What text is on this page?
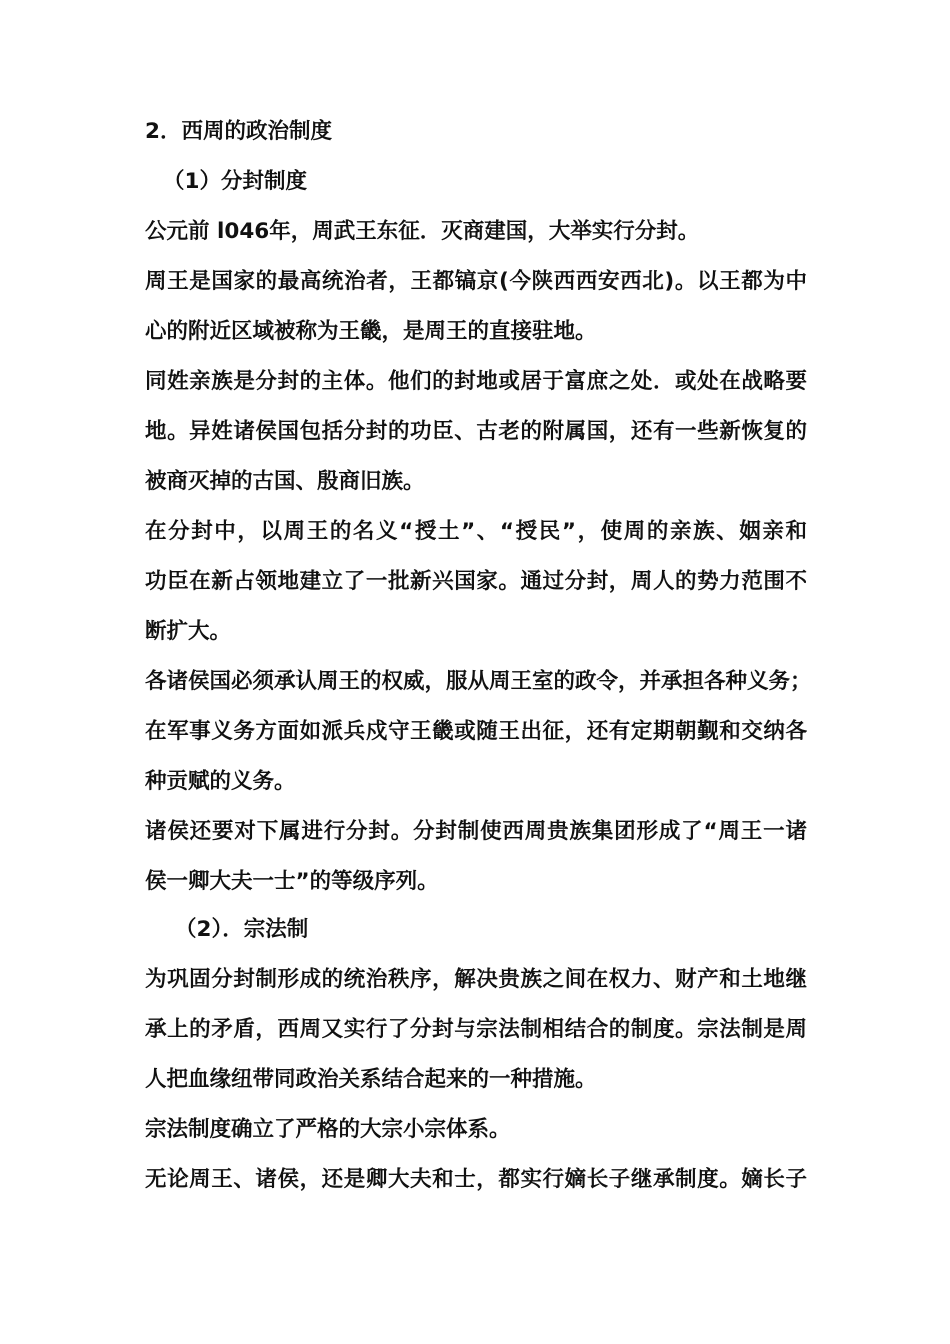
2．西周的政治制度
（1）分封制度
公元前 l046年，周武王东征．灭商建国，大举实行分封。
周王是国家的最高统治者，王都镐京(今陕西西安西北)。以王都为中
心的附近区域被称为王畿，是周王的直接驻地。
同姓亲族是分封的主体。他们的封地或居于富庶之处．或处在战略要
地。异姓诸侯国包括分封的功臣、古老的附属国，还有一些新恢复的
被商灭掉的古国、殷商旧族。
在分封中，以周王的名义“授土”、“授民”，使周的亲族、姻亲和
功臣在新占领地建立了一批新兴国家。通过分封，周人的势力范围不
断扩大。
各诸侯国必须承认周王的权威，服从周王室的政令，并承担各种义务；
在军事义务方面如派兵戍守王畿或随王出征，还有定期朝觐和交纳各
种贡赋的义务。
诸侯还要对下属进行分封。分封制使西周贵族集团形成了“周王一诸
侯一卿大夫一士”的等级序列。
（2）．宗法制
为巩固分封制形成的统治秩序，解决贵族之间在权力、财产和土地继
承上的矛盾，西周又实行了分封与宗法制相结合的制度。宗法制是周
人把血缘纽带同政治关系结合起来的一种措施。
宗法制度确立了严格的大宗小宗体系。
无论周王、诸侯，还是卿大夫和士，都实行嫡长子继承制度。嫡长子
